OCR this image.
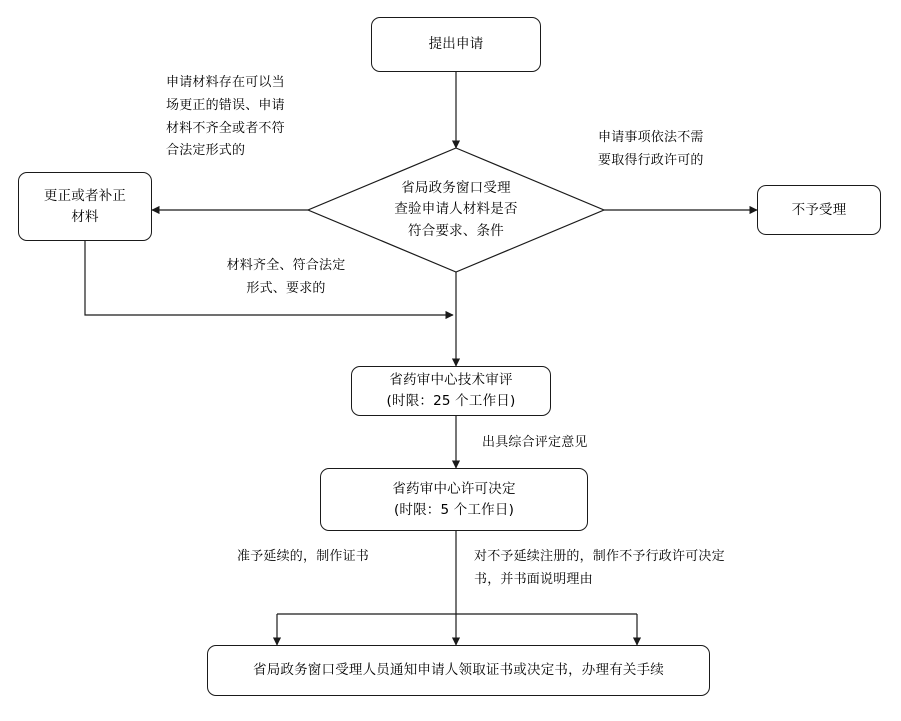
提出申请
省局政务窗口受理
查验申请人材料是否
符合要求、条件
更正或者补正
材料	不予受理
省药审中心技术审评
(时限：25 个工作日)
省药审中心许可决定
(时限：5 个工作日)
省局政务窗口受理人员通知申请人领取证书或决定书，办理有关手续
申请材料存在可以当
场更正的错误、申请
材料不齐全或者不符
合法定形式的
申请事项依法不需
要取得行政许可的
材料齐全、符合法定
形式、要求的
出具综合评定意见
准予延续的，制作证书	对不予延续注册的，制作不予行政许可决定
书，并书面说明理由
